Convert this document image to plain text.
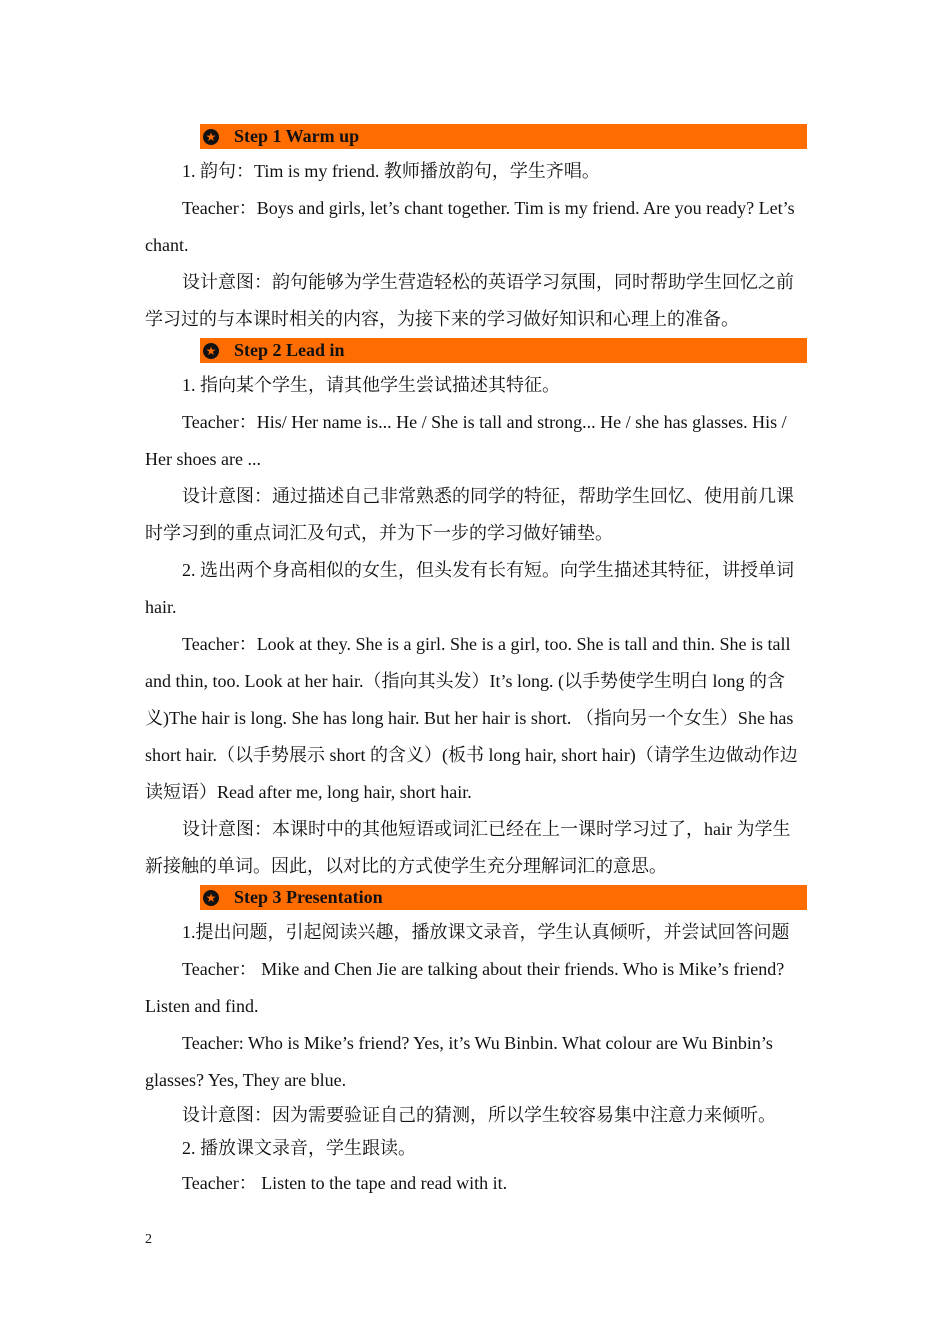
★ Step 1 Warm up

1. 韵句：Tim is my friend. 教师播放韵句，学生齐唱。

Teacher：Boys and girls, let’s chant together. Tim is my friend. Are you ready? Let’s chant.

设计意图：韵句能够为学生营造轻松的英语学习氛围，同时帮助学生回忆之前学习过的与本课时相关的内容，为接下来的学习做好知识和心理上的准备。

★ Step 2 Lead in

1. 指向某个学生，请其他学生尝试描述其特征。

Teacher：His/ Her name is... He / She is tall and strong... He / she has glasses. His / Her shoes are ...

设计意图：通过描述自己非常熟悉的同学的特征，帮助学生回忆、使用前几课时学习到的重点词汇及句式，并为下一步的学习做好铺垫。

2. 选出两个身高相似的女生，但头发有长有短。向学生描述其特征，讲授单词 hair.

Teacher：Look at they. She is a girl. She is a girl, too. She is tall and thin. She is tall and thin, too. Look at her hair.（指向其头发）It’s long. (以手势使学生明白 long 的含义)The hair is long. She has long hair. But her hair is short. （指向另一个女生）She has short hair.（以手势展示 short 的含义）(板书 long hair, short hair)（请学生边做动作边读短语）Read after me, long hair, short hair.

设计意图：本课时中的其他短语或词汇已经在上一课时学习过了，hair 为学生新接触的单词。因此，以对比的方式使学生充分理解词汇的意思。

★ Step 3 Presentation

1.提出问题，引起阅读兴趣，播放课文录音，学生认真倾听，并尝试回答问题

Teacher： Mike and Chen Jie are talking about their friends. Who is Mike’s friend? Listen and find.

Teacher: Who is Mike’s friend? Yes, it’s Wu Binbin. What colour are Wu Binbin’s glasses? Yes, They are blue.

设计意图：因为需要验证自己的猜测，所以学生较容易集中注意力来倾听。

2. 播放课文录音，学生跟读。

Teacher： Listen to the tape and read with it.

2
